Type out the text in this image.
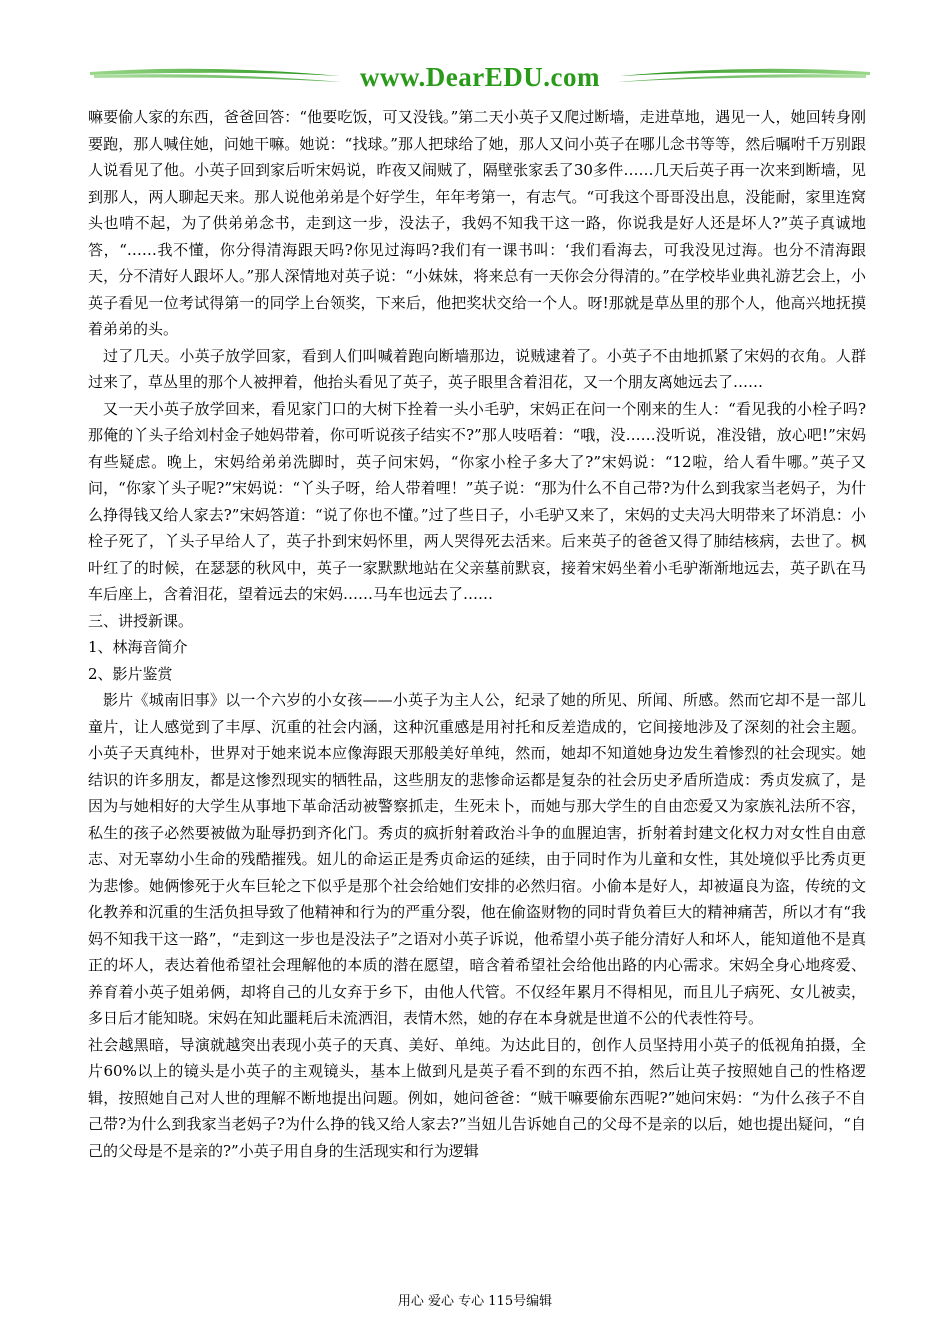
www.DearEDU.com

嘛要偷人家的东西，爸爸回答：“他要吃饭，可又没钱。”第二天小英子又爬过断墙，走进草地，遇见一人，她回转身刚要跑，那人喊住她，问她干嘛。她说：“找球。”那人把球给了她，那人又问小英子在哪儿念书等等，然后嘱咐千万别跟人说看见了他。小英子回到家后听宋妈说，昨夜又闹贼了，隔壁张家丢了30多件……几天后英子再一次来到断墙，见到那人，两人聊起天来。那人说他弟弟是个好学生，年年考第一，有志气。“可我这个哥哥没出息，没能耐，家里连窝头也啃不起，为了供弟弟念书，走到这一步，没法子，我妈不知我干这一路，你说我是好人还是坏人?”英子真诚地答，“……我不懂，你分得清海跟天吗?你见过海吗?我们有一课书叫：‘我们看海去，可我没见过海。也分不清海跟天，分不清好人跟坏人。”那人深情地对英子说：“小妹妹，将来总有一天你会分得清的。”在学校毕业典礼游艺会上，小英子看见一位考试得第一的同学上台领奖，下来后，他把奖状交给一个人。呀!那就是草丛里的那个人，他高兴地抚摸着弟弟的头。

过了几天。小英子放学回家，看到人们叫喊着跑向断墙那边，说贼逮着了。小英子不由地抓紧了宋妈的衣角。人群过来了，草丛里的那个人被押着，他抬头看见了英子，英子眼里含着泪花，又一个朋友离她远去了……

又一天小英子放学回来，看见家门口的大树下拴着一头小毛驴，宋妈正在问一个刚来的生人：“看见我的小栓子吗?那俺的丫头子给刘村金子她妈带着，你可听说孩子结实不?”那人吱唔着：“哦，没……没听说，准没错，放心吧!”宋妈有些疑虑。晚上，宋妈给弟弟洗脚时，英子问宋妈，“你家小栓子多大了?”宋妈说：“12啦，给人看牛哪。”英子又问，“你家丫头子呢?”宋妈说：“丫头子呀，给人带着哩！”英子说：“那为什么不自己带?为什么到我家当老妈子，为什么挣得钱又给人家去?”宋妈答道：“说了你也不懂。”过了些日子，小毛驴又来了，宋妈的丈夫冯大明带来了坏消息：小栓子死了，丫头子早给人了，英子扑到宋妈怀里，两人哭得死去活来。后来英子的爸爸又得了肺结核病，去世了。枫叶红了的时候，在瑟瑟的秋风中，英子一家默默地站在父亲墓前默哀，接着宋妈坐着小毛驴渐渐地远去，英子趴在马车后座上，含着泪花，望着远去的宋妈……马车也远去了……

三、讲授新课。

1、林海音简介

2、影片鉴赏

影片《城南旧事》以一个六岁的小女孩——小英子为主人公，纪录了她的所见、所闻、所感。然而它却不是一部儿童片，让人感觉到了丰厚、沉重的社会内涵，这种沉重感是用衬托和反差造成的，它间接地涉及了深刻的社会主题。小英子天真纯朴，世界对于她来说本应像海跟天那般美好单纯，然而，她却不知道她身边发生着惨烈的社会现实。她结识的许多朋友，都是这惨烈现实的牺牲品，这些朋友的悲惨命运都是复杂的社会历史矛盾所造成：秀贞发疯了，是因为与她相好的大学生从事地下革命活动被警察抓走，生死未卜，而她与那大学生的自由恋爱又为家族礼法所不容，私生的孩子必然要被做为耻辱扔到齐化门。秀贞的疯折射着政治斗争的血腥迫害，折射着封建文化权力对女性自由意志、对无辜幼小生命的残酷摧残。妞儿的命运正是秀贞命运的延续，由于同时作为儿童和女性，其处境似乎比秀贞更为悲惨。她俩惨死于火车巨轮之下似乎是那个社会给她们安排的必然归宿。小偷本是好人，却被逼良为盗，传统的文化教养和沉重的生活负担导致了他精神和行为的严重分裂，他在偷盗财物的同时背负着巨大的精神痛苦，所以才有“我妈不知我干这一路”，“走到这一步也是没法子”之语对小英子诉说，他希望小英子能分清好人和坏人，能知道他不是真正的坏人，表达着他希望社会理解他的本质的潜在愿望，暗含着希望社会给他出路的内心需求。宋妈全身心地疼爱、养育着小英子姐弟俩，却将自己的儿女弃于乡下，由他人代管。不仅经年累月不得相见，而且儿子病死、女儿被卖，多日后才能知晓。宋妈在知此噩耗后未流洒泪，表情木然，她的存在本身就是世道不公的代表性符号。

社会越黑暗，导演就越突出表现小英子的天真、美好、单纯。为达此目的，创作人员坚持用小英子的低视角拍摄，全片60%以上的镜头是小英子的主观镜头，基本上做到凡是英子看不到的东西不拍，然后让英子按照她自己的性格逻辑，按照她自己对人世的理解不断地提出问题。例如，她问爸爸：“贼干嘛要偷东西呢?”她问宋妈：“为什么孩子不自己带?为什么到我家当老妈子?为什么挣的钱又给人家去?”当妞儿告诉她自己的父母不是亲的以后，她也提出疑问，“自己的父母是不是亲的?”小英子用自身的生活现实和行为逻辑

用心 爱心 专心 115号编辑
